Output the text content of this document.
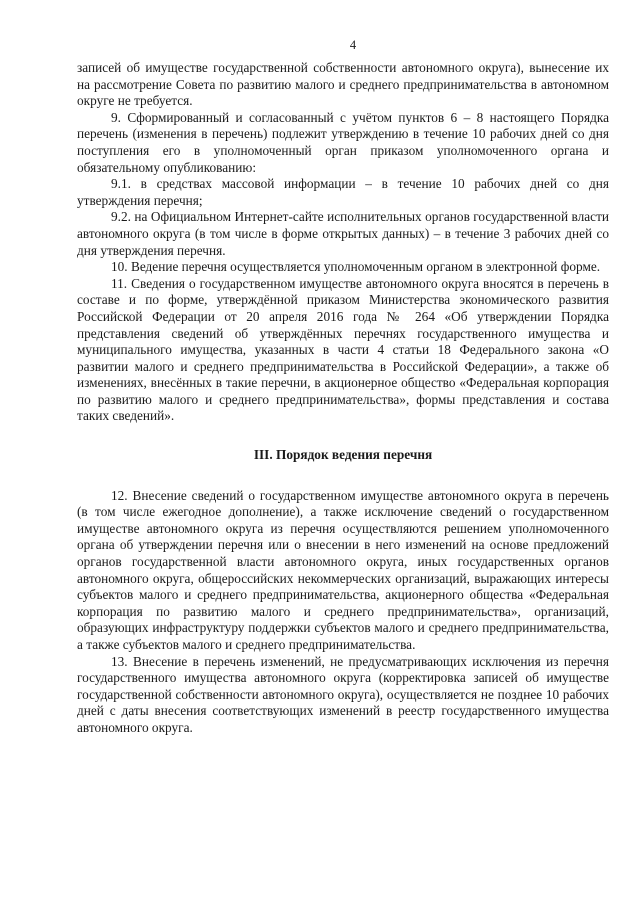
4

записей об имуществе государственной собственности автономного округа), вынесение их на рассмотрение Совета по развитию малого и среднего предпринимательства в автономном округе не требуется.

9. Сформированный и согласованный с учётом пунктов 6 – 8 настоящего Порядка перечень (изменения в перечень) подлежит утверждению в течение 10 рабочих дней со дня поступления его в уполномоченный орган приказом уполномоченного органа и обязательному опубликованию:

9.1. в средствах массовой информации – в течение 10 рабочих дней со дня утверждения перечня;

9.2. на Официальном Интернет-сайте исполнительных органов государственной власти автономного округа (в том числе в форме открытых данных) – в течение 3 рабочих дней со дня утверждения перечня.

10. Ведение перечня осуществляется уполномоченным органом в электронной форме.

11. Сведения о государственном имуществе автономного округа вносятся в перечень в составе и по форме, утверждённой приказом Министерства экономического развития Российской Федерации от 20 апреля 2016 года № 264 «Об утверждении Порядка представления сведений об утверждённых перечнях государственного имущества и муниципального имущества, указанных в части 4 статьи 18 Федерального закона «О развитии малого и среднего предпринимательства в Российской Федерации», а также об изменениях, внесённых в такие перечни, в акционерное общество «Федеральная корпорация по развитию малого и среднего предпринимательства», формы представления и состава таких сведений».

III. Порядок ведения перечня

12. Внесение сведений о государственном имуществе автономного округа в перечень (в том числе ежегодное дополнение), а также исключение сведений о государственном имуществе автономного округа из перечня осуществляются решением уполномоченного органа об утверждении перечня или о внесении в него изменений на основе предложений органов государственной власти автономного округа, иных государственных органов автономного округа, общероссийских некоммерческих организаций, выражающих интересы субъектов малого и среднего предпринимательства, акционерного общества «Федеральная корпорация по развитию малого и среднего предпринимательства», организаций, образующих инфраструктуру поддержки субъектов малого и среднего предпринимательства, а также субъектов малого и среднего предпринимательства.

13. Внесение в перечень изменений, не предусматривающих исключения из перечня государственного имущества автономного округа (корректировка записей об имуществе государственной собственности автономного округа), осуществляется не позднее 10 рабочих дней с даты внесения соответствующих изменений в реестр государственного имущества автономного округа.
